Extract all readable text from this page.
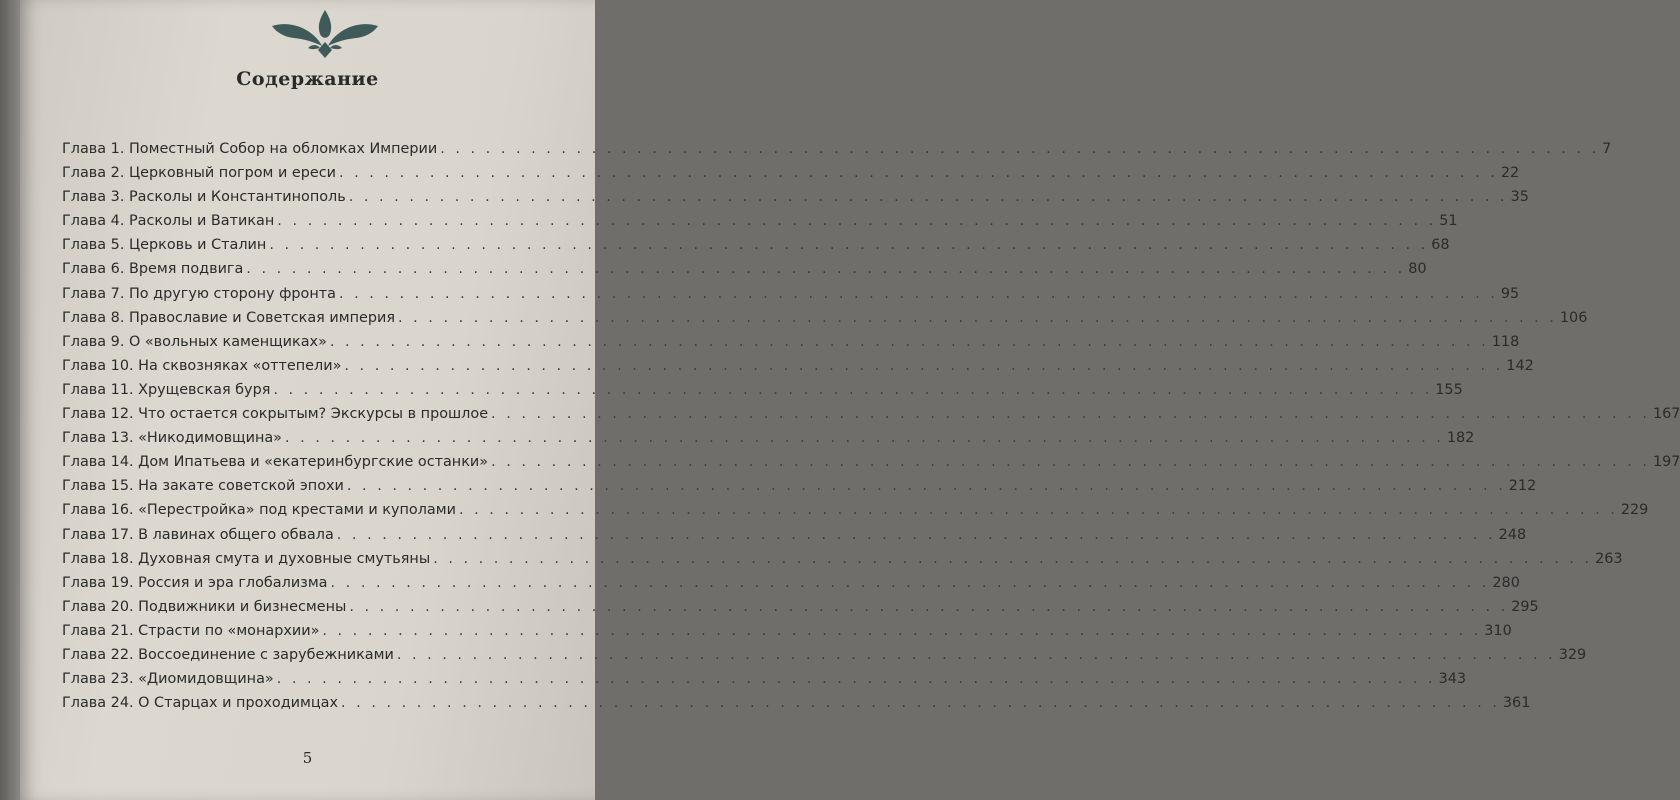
Содержание
Глава 1. Поместный Собор на обломках Империи . . . . . . . . . . . . . . . . . . . . . . . . . . . . . . . . . . . . . . . . . . . . . . . . . . . . . . . . . . . . . . . . . . . . . . . . . . . . . 7
Глава 2. Церковный погром и ереси . . . . . . . . . . . . . . . . . . . . . . . . . . . . . . . . . . . . . . . . . . . . . . . . . . . . . . . . . . . . . . . . . . . . . . . . . . . . . 22
Глава 3. Расколы и Константинополь . . . . . . . . . . . . . . . . . . . . . . . . . . . . . . . . . . . . . . . . . . . . . . . . . . . . . . . . . . . . . . . . . . . . . . . . . . . . . 35
Глава 4. Расколы и Ватикан . . . . . . . . . . . . . . . . . . . . . . . . . . . . . . . . . . . . . . . . . . . . . . . . . . . . . . . . . . . . . . . . . . . . . . . . . . . . . 51
Глава 5. Церковь и Сталин . . . . . . . . . . . . . . . . . . . . . . . . . . . . . . . . . . . . . . . . . . . . . . . . . . . . . . . . . . . . . . . . . . . . . . . . . . . . . 68
Глава 6. Время подвига . . . . . . . . . . . . . . . . . . . . . . . . . . . . . . . . . . . . . . . . . . . . . . . . . . . . . . . . . . . . . . . . . . . . . . . . . . . . . 80
Глава 7. По другую сторону фронта . . . . . . . . . . . . . . . . . . . . . . . . . . . . . . . . . . . . . . . . . . . . . . . . . . . . . . . . . . . . . . . . . . . . . . . . . . . . . 95
Глава 8. Православие и Советская империя . . . . . . . . . . . . . . . . . . . . . . . . . . . . . . . . . . . . . . . . . . . . . . . . . . . . . . . . . . . . . . . . . . . . . . . . . . . . . 106
Глава 9. О «вольных каменщиках» . . . . . . . . . . . . . . . . . . . . . . . . . . . . . . . . . . . . . . . . . . . . . . . . . . . . . . . . . . . . . . . . . . . . . . . . . . . . . 118
Глава 10. На сквозняках «оттепели» . . . . . . . . . . . . . . . . . . . . . . . . . . . . . . . . . . . . . . . . . . . . . . . . . . . . . . . . . . . . . . . . . . . . . . . . . . . . . 142
Глава 11. Хрущевская буря . . . . . . . . . . . . . . . . . . . . . . . . . . . . . . . . . . . . . . . . . . . . . . . . . . . . . . . . . . . . . . . . . . . . . . . . . . . . . 155
Глава 12. Что остается сокрытым? Экскурсы в прошлое . . . . . . . . . . . . . . . . . . . . . . . . . . . . . . . . . . . . . . . . . . . . . . . . . . . . . . . . . . . . . . . . . . . . . . . . . . . . . 167
Глава 13. «Никодимовщина» . . . . . . . . . . . . . . . . . . . . . . . . . . . . . . . . . . . . . . . . . . . . . . . . . . . . . . . . . . . . . . . . . . . . . . . . . . . . . 182
Глава 14. Дом Ипатьева и «екатеринбургские останки» . . . . . . . . . . . . . . . . . . . . . . . . . . . . . . . . . . . . . . . . . . . . . . . . . . . . . . . . . . . . . . . . . . . . . . . . . . . . . 197
Глава 15. На закате советской эпохи . . . . . . . . . . . . . . . . . . . . . . . . . . . . . . . . . . . . . . . . . . . . . . . . . . . . . . . . . . . . . . . . . . . . . . . . . . . . . 212
Глава 16. «Перестройка» под крестами и куполами . . . . . . . . . . . . . . . . . . . . . . . . . . . . . . . . . . . . . . . . . . . . . . . . . . . . . . . . . . . . . . . . . . . . . . . . . . . . . 229
Глава 17. В лавинах общего обвала . . . . . . . . . . . . . . . . . . . . . . . . . . . . . . . . . . . . . . . . . . . . . . . . . . . . . . . . . . . . . . . . . . . . . . . . . . . . . 248
Глава 18. Духовная смута и духовные смутьяны . . . . . . . . . . . . . . . . . . . . . . . . . . . . . . . . . . . . . . . . . . . . . . . . . . . . . . . . . . . . . . . . . . . . . . . . . . . . . 263
Глава 19. Россия и эра глобализма . . . . . . . . . . . . . . . . . . . . . . . . . . . . . . . . . . . . . . . . . . . . . . . . . . . . . . . . . . . . . . . . . . . . . . . . . . . . . 280
Глава 20. Подвижники и бизнесмены . . . . . . . . . . . . . . . . . . . . . . . . . . . . . . . . . . . . . . . . . . . . . . . . . . . . . . . . . . . . . . . . . . . . . . . . . . . . . 295
Глава 21. Страсти по «монархии» . . . . . . . . . . . . . . . . . . . . . . . . . . . . . . . . . . . . . . . . . . . . . . . . . . . . . . . . . . . . . . . . . . . . . . . . . . . . . 310
Глава 22. Воссоединение с зарубежниками . . . . . . . . . . . . . . . . . . . . . . . . . . . . . . . . . . . . . . . . . . . . . . . . . . . . . . . . . . . . . . . . . . . . . . . . . . . . . 329
Глава 23. «Диомидовщина» . . . . . . . . . . . . . . . . . . . . . . . . . . . . . . . . . . . . . . . . . . . . . . . . . . . . . . . . . . . . . . . . . . . . . . . . . . . . . 343
Глава 24. О Старцах и проходимцах . . . . . . . . . . . . . . . . . . . . . . . . . . . . . . . . . . . . . . . . . . . . . . . . . . . . . . . . . . . . . . . . . . . . . . . . . . . . . 361
5
